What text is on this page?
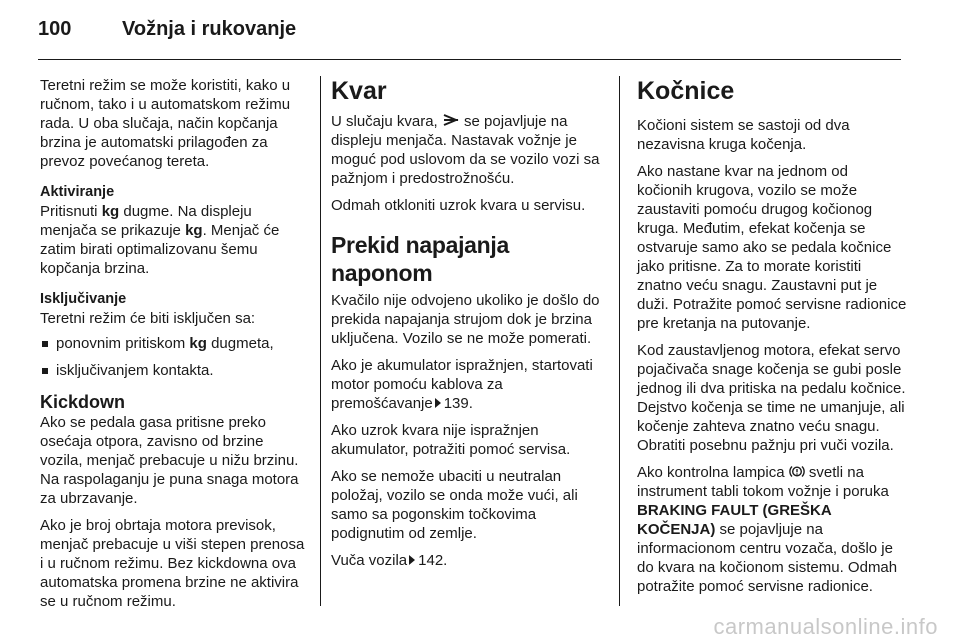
100	Vožnja i rukovanje

Teretni režim se može koristiti, kako u ručnom, tako i u automatskom režimu rada. U oba slučaja, način kopčanja brzina je automatski prilagođen za prevoz povećanog tereta.

Aktiviranje

Pritisnuti kg dugme. Na displeju menjača se prikazuje kg. Menjač će zatim birati optimalizovanu šemu kopčanja brzina.

Isključivanje
Teretni režim će biti isključen sa:
ponovnim pritiskom kg dugmeta,
isključivanjem kontakta.
Kickdown

Ako se pedala gasa pritisne preko osećaja otpora, zavisno od brzine vozila, menjač prebacuje u nižu brzinu. Na raspolaganju je puna snaga motora za ubrzavanje.

Ako je broj obrtaja motora previsok, menjač prebacuje u viši stepen prenosa i u ručnom režimu. Bez kickdowna ova automatska promena brzine ne aktivira se u ručnom režimu.

Kvar

U slučaju kvara,  se pojavljuje na displeju menjača. Nastavak vožnje je moguć pod uslovom da se vozilo vozi sa pažnjom i predostrožnošću.

Odmah otkloniti uzrok kvara u servisu.

Prekid napajanja naponom

Kvačilo nije odvojeno ukoliko je došlo do prekida napajanja strujom dok je brzina uključena. Vozilo se ne može pomerati.

Ako je akumulator ispražnjen, startovati motor pomoću kablova za premošćavanje 139.

Ako uzrok kvara nije ispražnjen akumulator, potražiti pomoć servisa.

Ako se nemože ubaciti u neutralan položaj, vozilo se onda može vući, ali samo sa pogonskim točkovima podignutim od zemlje.

Vuča vozila 142.

Kočnice

Kočioni sistem se sastoji od dva nezavisna kruga kočenja.

Ako nastane kvar na jednom od kočionih krugova, vozilo se može zaustaviti pomoću drugog kočionog kruga. Međutim, efekat kočenja se ostvaruje samo ako se pedala kočnice jako pritisne. Za to morate koristiti znatno veću snagu. Zaustavni put je duži. Potražite pomoć servisne radionice pre kretanja na putovanje.

Kod zaustavljenog motora, efekat servo pojačivača snage kočenja se gubi posle jednog ili dva pritiska na pedalu kočnice. Dejstvo kočenja se time ne umanjuje, ali kočenje zahteva znatno veću snagu. Obratiti posebnu pažnju pri vuči vozila.

Ako kontrolna lampica  svetli na instrument tabli tokom vožnje i poruka BRAKING FAULT (GREŠKA KOČENJA) se pojavljuje na informacionom centru vozača, došlo je do kvara na kočionom sistemu. Odmah potražite pomoć servisne radionice.

carmanualsonline.info
